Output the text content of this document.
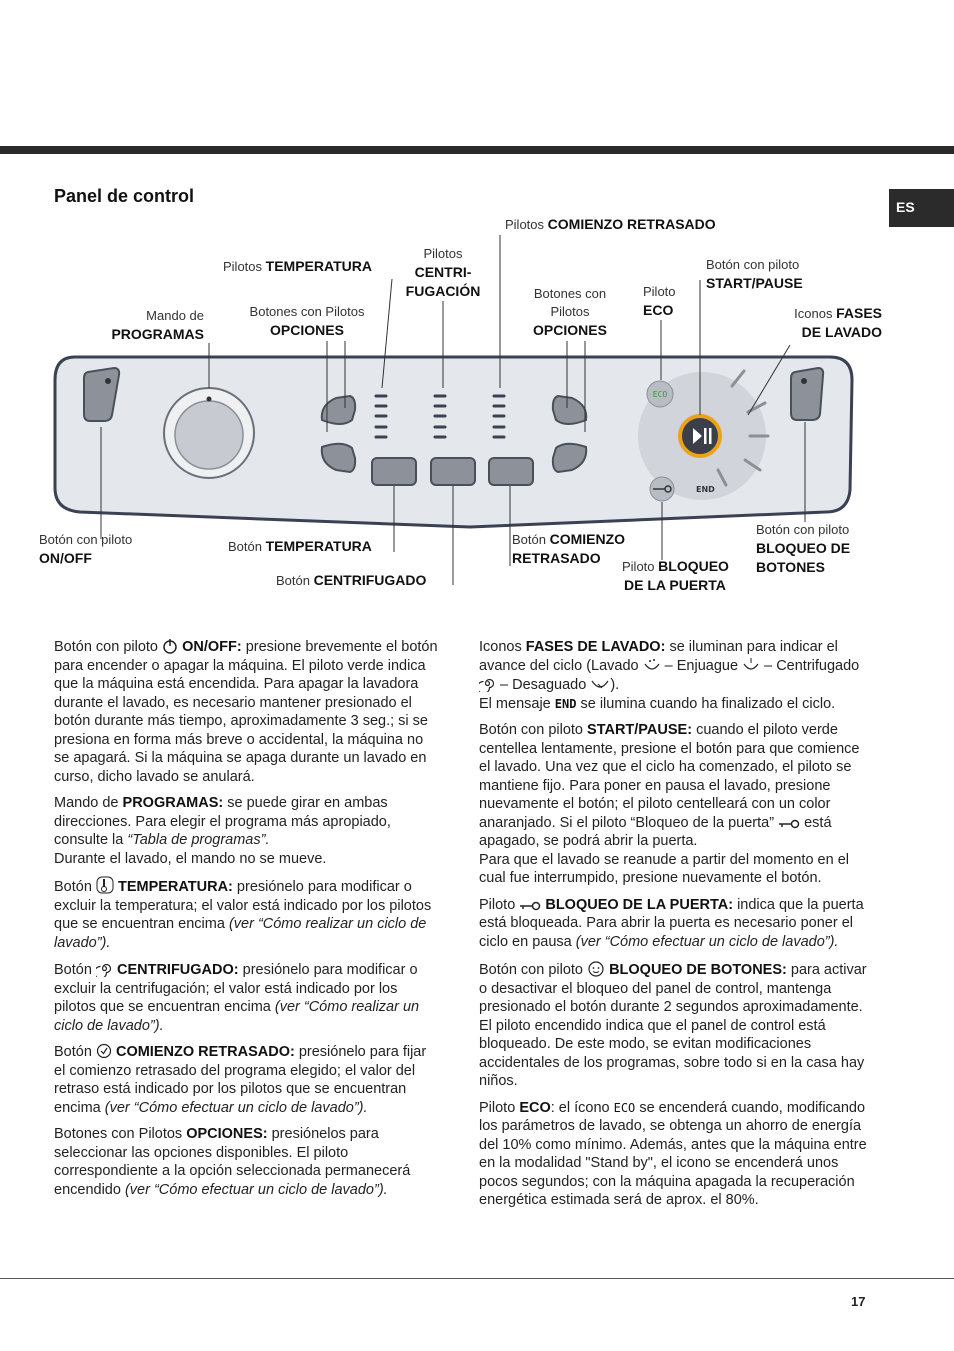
ES
Panel de control
ECO
END
Pilotos COMIENZO RETRASADO
Pilotos TEMPERATURA
Pilotos
CENTRI-
FUGACIÓN
Botón con piloto
START/PAUSE
Mando de
PROGRAMAS
Botones con Pilotos
OPCIONES
Botones con
Pilotos
OPCIONES
Piloto
ECO	Iconos FASES
DE LAVADO
Botón con piloto
ON/OFF
Botón TEMPERATURA
Botón CENTRIFUGADO
Botón COMIENZO
RETRASADO
Piloto BLOQUEO
DE LA PUERTA
Botón con piloto
BLOQUEO DE
BOTONES

Botón con piloto ON/OFF: presione brevemente el botón para encender o apagar la máquina. El piloto verde indica que la máquina está encendida. Para apagar la lavadora durante el lavado, es necesario mantener presionado el botón durante más tiempo, aproximadamente 3 seg.; si se presiona en forma más breve o accidental, la máquina no se apagará. Si la máquina se apaga durante un lavado en curso, dicho lavado se anulará.

Mando de PROGRAMAS: se puede girar en ambas direcciones. Para elegir el programa más apropiado, consulte la “Tabla de programas”.
Durante el lavado, el mando no se mueve.

Botón TEMPERATURA: presiónelo para modificar o excluir la temperatura; el valor está indicado por los pilotos que se encuentran encima (ver “Cómo realizar un ciclo de lavado”).

Botón CENTRIFUGADO: presiónelo para modificar o excluir la centrifugación; el valor está indicado por los pilotos que se encuentran encima (ver “Cómo realizar un ciclo de lavado”).

Botón COMIENZO RETRASADO: presiónelo para fijar el comienzo retrasado del programa elegido; el valor del retraso está indicado por los pilotos que se encuentran encima (ver “Cómo efectuar un ciclo de lavado”).

Botones con Pilotos OPCIONES: presiónelos para seleccionar las opciones disponibles. El piloto correspondiente a la opción seleccionada permanecerá encendido (ver “Cómo efectuar un ciclo de lavado”).

Iconos FASES DE LAVADO: se iluminan para indicar el avance del ciclo (Lavado – Enjuague – Centrifugado  – Desaguado ).

El mensaje END se ilumina cuando ha finalizado el ciclo.

Botón con piloto START/PAUSE: cuando el piloto verde centellea lentamente, presione el botón para que comience el lavado. Una vez que el ciclo ha comenzado, el piloto se mantiene fijo. Para poner en pausa el lavado, presione nuevamente el botón; el piloto centelleará con un color anaranjado. Si el piloto “Bloqueo de la puerta” está apagado, se podrá abrir la puerta.
Para que el lavado se reanude a partir del momento en el cual fue interrumpido, presione nuevamente el botón.

Piloto BLOQUEO DE LA PUERTA: indica que la puerta está bloqueada. Para abrir la puerta es necesario poner el ciclo en pausa (ver “Cómo efectuar un ciclo de lavado”).

Botón con piloto BLOQUEO DE BOTONES: para activar o desactivar el bloqueo del panel de control, mantenga presionado el botón durante 2 segundos aproximadamente. El piloto encendido indica que el panel de control está bloqueado. De este modo, se evitan modificaciones accidentales de los programas, sobre todo si en la casa hay niños.

Piloto ECO: el ícono ECO se encenderá cuando, modificando los parámetros de lavado, se obtenga un ahorro de energía del 10% como mínimo. Además, antes que la máquina entre en la modalidad "Stand by", el icono se encenderá unos pocos segundos; con la máquina apagada la recuperación energética estimada será de aprox. el 80%.

17
